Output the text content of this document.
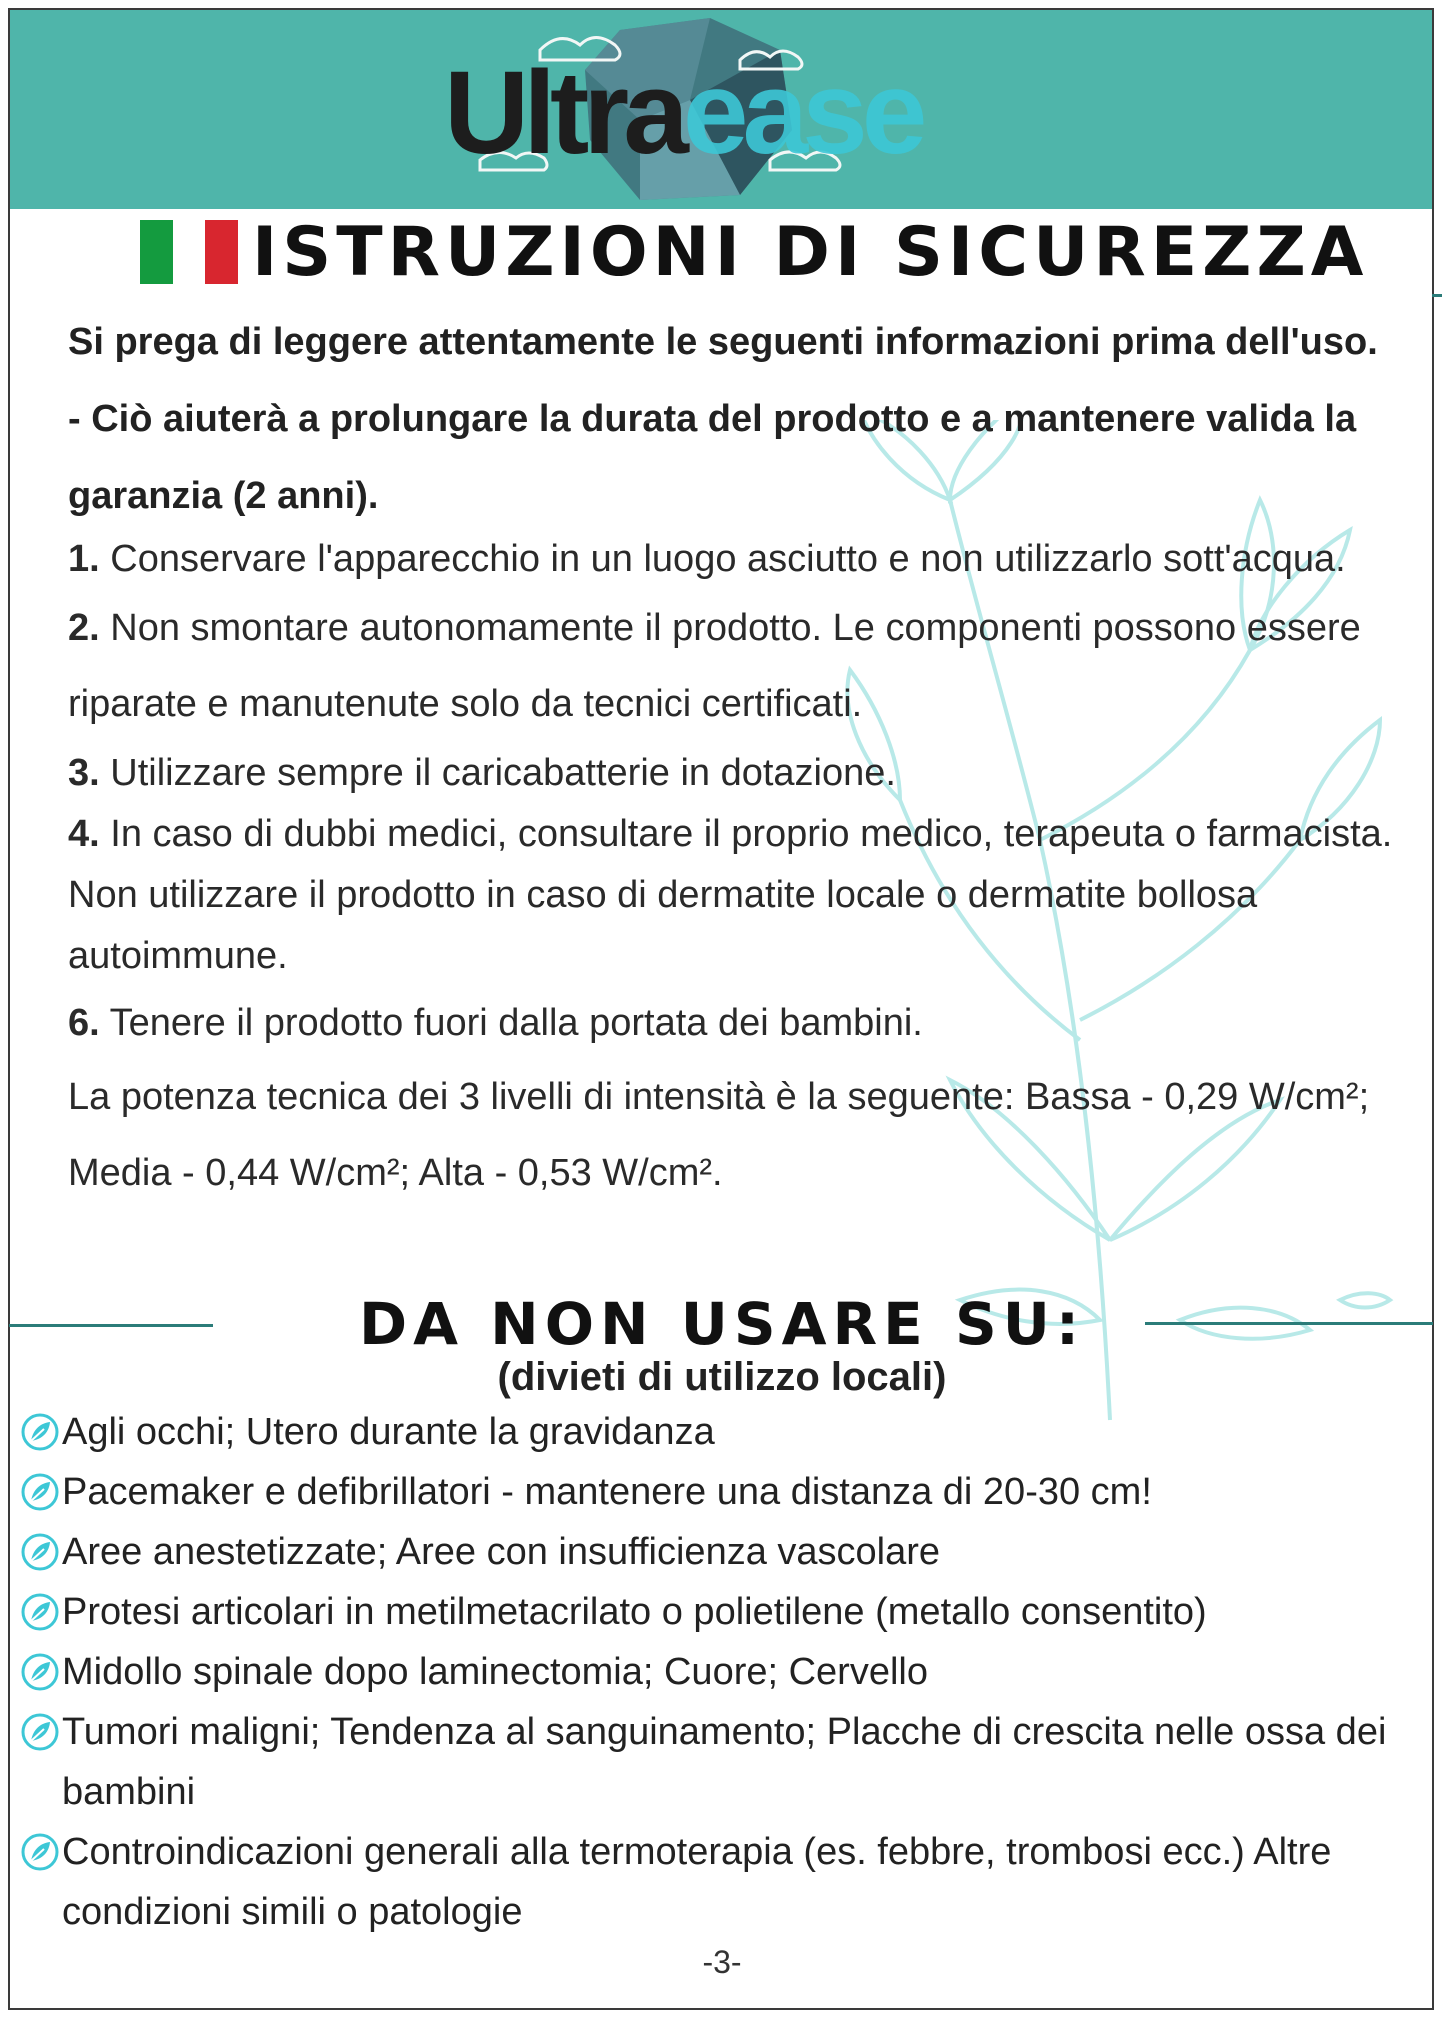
Ultraease
ISTRUZIONI DI SICUREZZA

Si prega di leggere attentamente le seguenti informazioni prima dell'uso. - Ciò aiuterà a prolungare la durata del prodotto e a mantenere valida la garanzia (2 anni).

1. Conservare l'apparecchio in un luogo asciutto e non utilizzarlo sott'acqua.

2. Non smontare autonomamente il prodotto. Le componenti possono essere riparate e manutenute solo da tecnici certificati.

3. Utilizzare sempre il caricabatterie in dotazione.

4. In caso di dubbi medici, consultare il proprio medico, terapeuta o farmacista. Non utilizzare il prodotto in caso di dermatite locale o dermatite bollosa autoimmune.

6. Tenere il prodotto fuori dalla portata dei bambini.

La potenza tecnica dei 3 livelli di intensità è la seguente: Bassa - 0,29 W/cm²; Media - 0,44 W/cm²; Alta - 0,53 W/cm².

DA NON USARE SU:

(divieti di utilizzo locali)

Agli occhi; Utero durante la gravidanza
Pacemaker e defibrillatori - mantenere una distanza di 20-30 cm!
Aree anestetizzate; Aree con insufficienza vascolare
Protesi articolari in metilmetacrilato o polietilene (metallo consentito)
Midollo spinale dopo laminectomia; Cuore; Cervello
Tumori maligni; Tendenza al sanguinamento; Placche di crescita nelle ossa dei bambini
Controindicazioni generali alla termoterapia (es. febbre, trombosi ecc.) Altre condizioni simili o patologie

-3-
